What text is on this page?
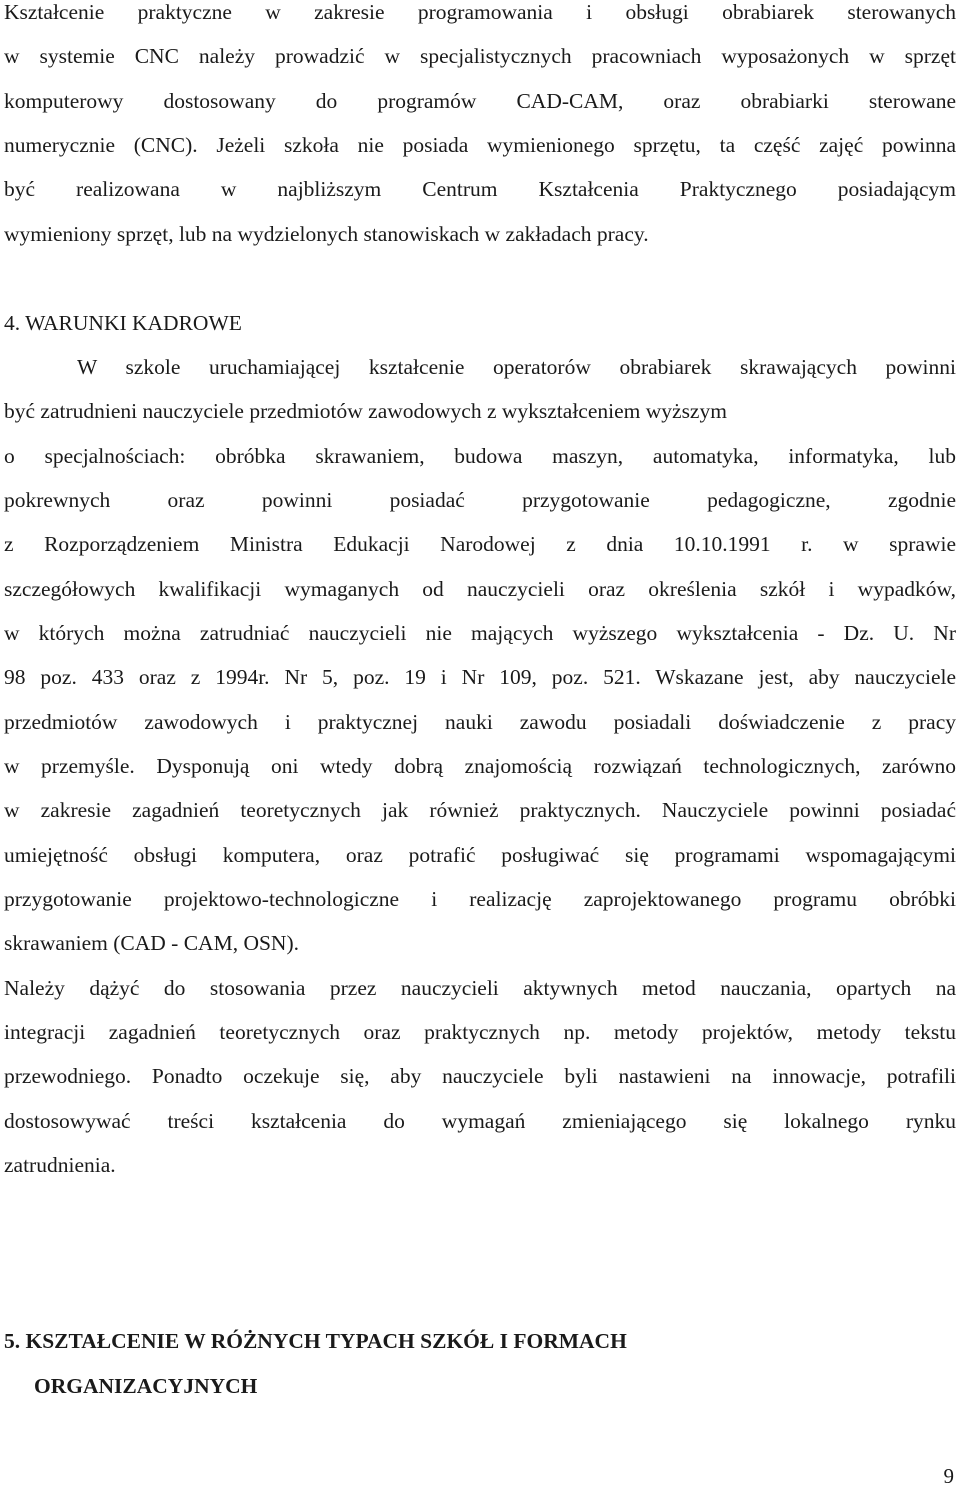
Kształcenie praktyczne w zakresie programowania i obsługi obrabiarek sterowanych
w systemie CNC należy prowadzić w specjalistycznych pracowniach wyposażonych w sprzęt
komputerowy dostosowany do programów CAD-CAM, oraz obrabiarki sterowane
numerycznie (CNC). Jeżeli szkoła nie posiada wymienionego sprzętu, ta część zajęć powinna
być realizowana w najbliższym Centrum Kształcenia Praktycznego posiadającym
wymieniony sprzęt, lub na wydzielonych stanowiskach w zakładach pracy.
4. WARUNKI KADROWE
W szkole uruchamiającej kształcenie operatorów obrabiarek skrawających powinni
być zatrudnieni nauczyciele przedmiotów zawodowych z wykształceniem wyższym
o specjalnościach: obróbka skrawaniem, budowa maszyn, automatyka, informatyka, lub
pokrewnych oraz powinni posiadać przygotowanie pedagogiczne, zgodnie
z Rozporządzeniem Ministra Edukacji Narodowej z dnia 10.10.1991 r. w sprawie
szczegółowych kwalifikacji wymaganych od nauczycieli oraz określenia szkół i wypadków,
w których można zatrudniać nauczycieli nie mających wyższego wykształcenia - Dz. U. Nr
98 poz. 433 oraz z 1994r. Nr 5, poz. 19 i Nr 109, poz. 521. Wskazane jest, aby nauczyciele
przedmiotów zawodowych i praktycznej nauki zawodu posiadali doświadczenie z pracy
w przemyśle. Dysponują oni wtedy dobrą znajomością rozwiązań technologicznych, zarówno
w zakresie zagadnień teoretycznych jak również praktycznych. Nauczyciele powinni posiadać
umiejętność obsługi komputera, oraz potrafić posługiwać się programami wspomagającymi
przygotowanie projektowo-technologiczne i realizację zaprojektowanego programu obróbki
skrawaniem (CAD - CAM, OSN).
Należy dążyć do stosowania przez nauczycieli aktywnych metod nauczania, opartych na
integracji zagadnień teoretycznych oraz praktycznych np. metody projektów, metody tekstu
przewodniego. Ponadto oczekuje się, aby nauczyciele byli nastawieni na innowacje, potrafili
dostosowywać treści kształcenia do wymagań zmieniającego się lokalnego rynku
zatrudnienia.
5. KSZTAŁCENIE W RÓŻNYCH TYPACH SZKÓŁ I FORMACH
ORGANIZACYJNYCH
9
